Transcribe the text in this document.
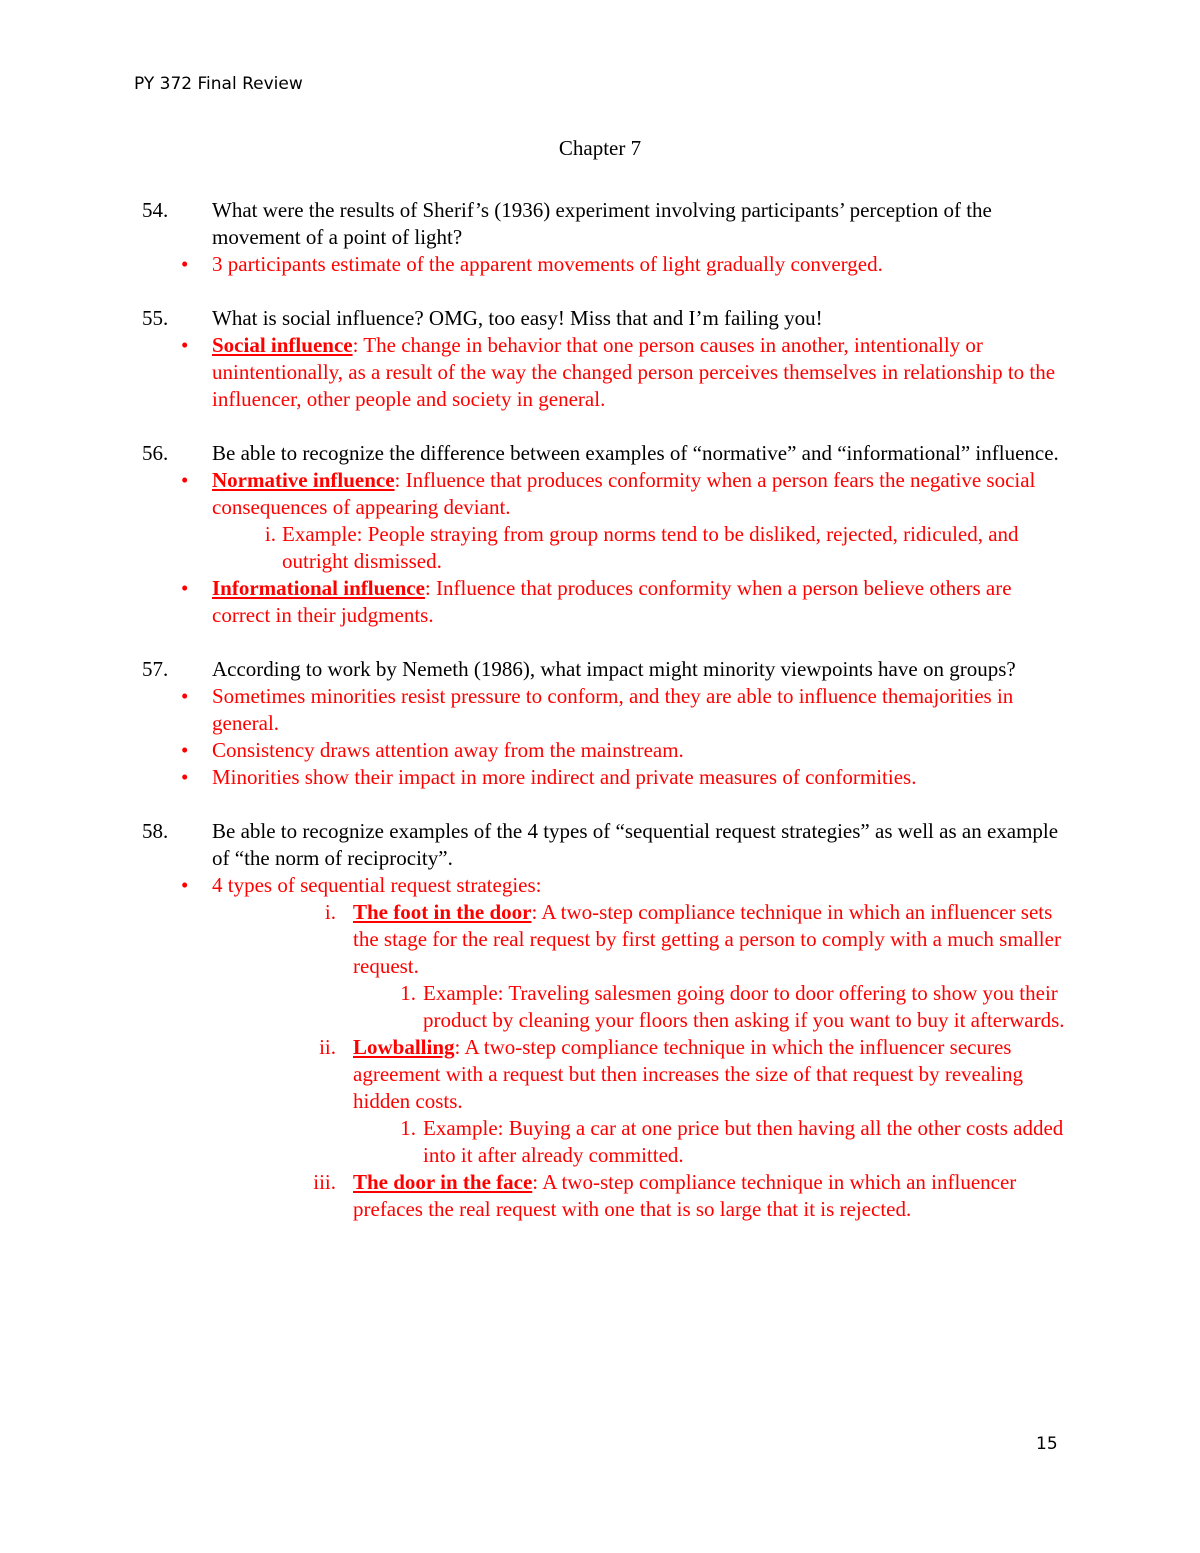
PY 372 Final Review
Chapter 7
54. What were the results of Sherif’s (1936) experiment involving participants’ perception of the movement of a point of light?
• 3 participants estimate of the apparent movements of light gradually converged.
55. What is social influence? OMG, too easy! Miss that and I’m failing you!
• Social influence: The change in behavior that one person causes in another, intentionally or unintentionally, as a result of the way the changed person perceives themselves in relationship to the influencer, other people and society in general.
56. Be able to recognize the difference between examples of “normative” and “informational” influence.
• Normative influence: Influence that produces conformity when a person fears the negative social consequences of appearing deviant.
i. Example: People straying from group norms tend to be disliked, rejected, ridiculed, and outright dismissed.
• Informational influence: Influence that produces conformity when a person believe others are correct in their judgments.
57. According to work by Nemeth (1986), what impact might minority viewpoints have on groups?
• Sometimes minorities resist pressure to conform, and they are able to influence themajorities in general.
• Consistency draws attention away from the mainstream.
• Minorities show their impact in more indirect and private measures of conformities.
58. Be able to recognize examples of the 4 types of “sequential request strategies” as well as an example of “the norm of reciprocity”.
• 4 types of sequential request strategies:
i. The foot in the door: A two-step compliance technique in which an influencer sets the stage for the real request by first getting a person to comply with a much smaller request.
1. Example: Traveling salesmen going door to door offering to show you their product by cleaning your floors then asking if you want to buy it afterwards.
ii. Lowballing: A two-step compliance technique in which the influencer secures agreement with a request but then increases the size of that request by revealing hidden costs.
1. Example: Buying a car at one price but then having all the other costs added into it after already committed.
iii. The door in the face: A two-step compliance technique in which an influencer prefaces the real request with one that is so large that it is rejected.
15
